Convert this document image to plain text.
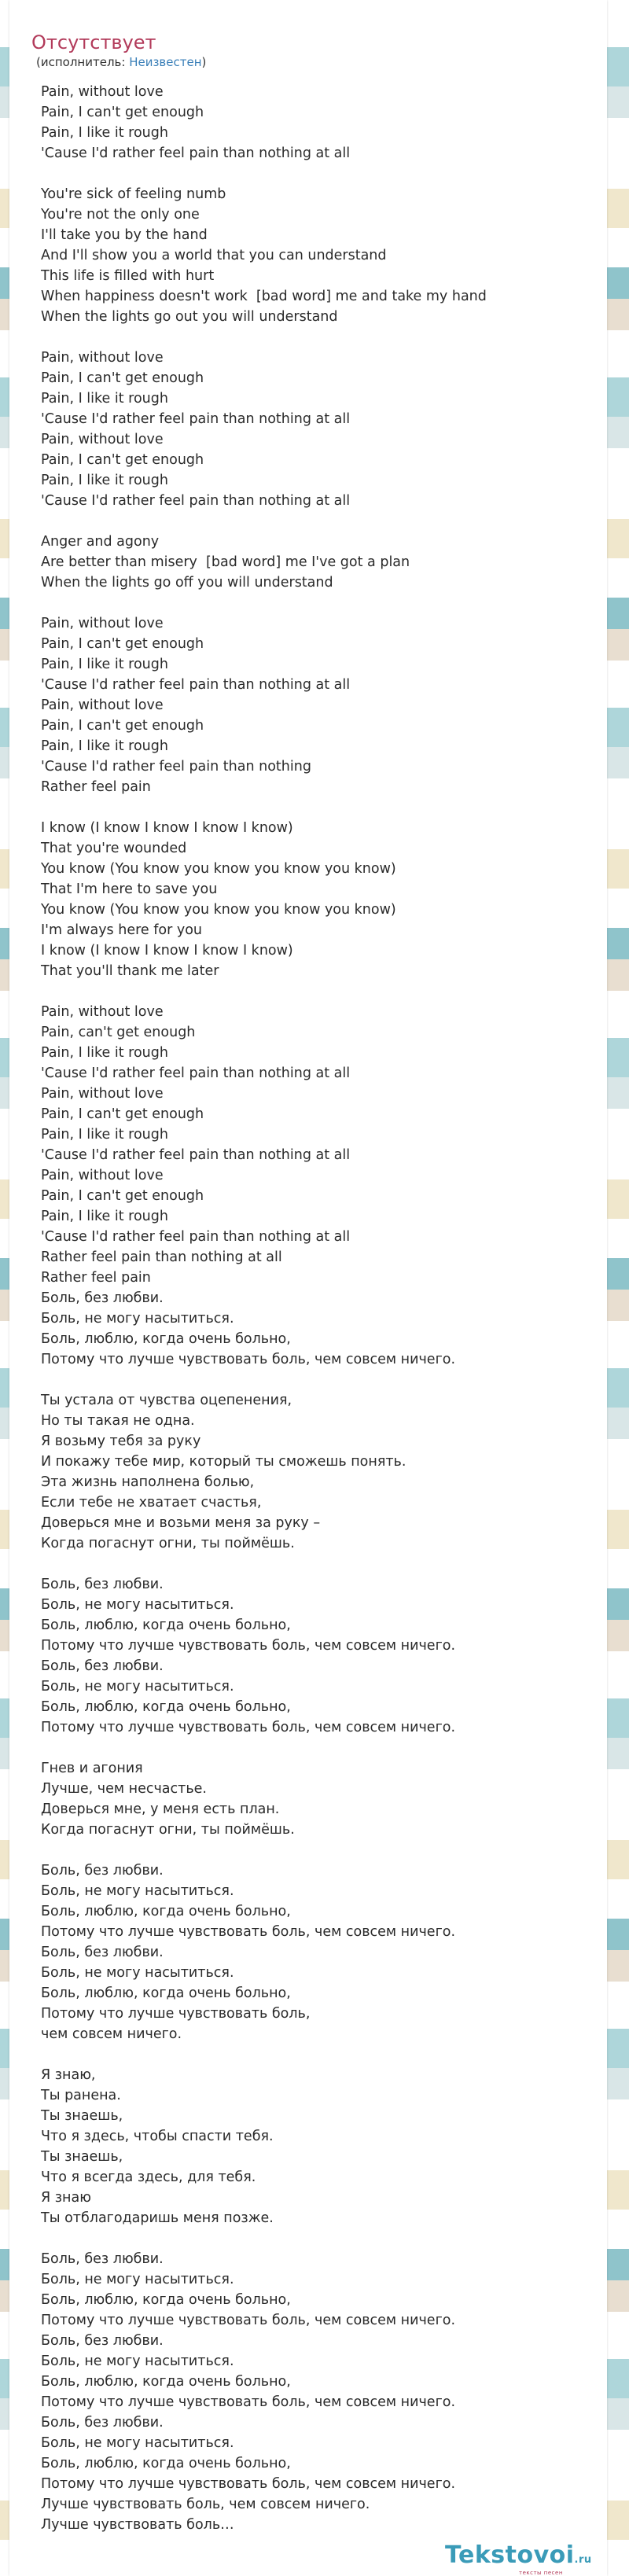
Отсутствует
(исполнитель: Неизвестен)
Pain, without love
Pain, I can't get enough
Pain, I like it rough
'Cause I'd rather feel pain than nothing at all
You're sick of feeling numb
You're not the only one
I'll take you by the hand
And I'll show you a world that you can understand
This life is filled with hurt
When happiness doesn't work  [bad word] me and take my hand
When the lights go out you will understand
Pain, without love
Pain, I can't get enough
Pain, I like it rough
'Cause I'd rather feel pain than nothing at all
Pain, without love
Pain, I can't get enough
Pain, I like it rough
'Cause I'd rather feel pain than nothing at all
Anger and agony
Are better than misery  [bad word] me I've got a plan
When the lights go off you will understand
Pain, without love
Pain, I can't get enough
Pain, I like it rough
'Cause I'd rather feel pain than nothing at all
Pain, without love
Pain, I can't get enough
Pain, I like it rough
'Cause I'd rather feel pain than nothing
Rather feel pain
I know (I know I know I know I know)
That you're wounded
You know (You know you know you know you know)
That I'm here to save you
You know (You know you know you know you know)
I'm always here for you
I know (I know I know I know I know)
That you'll thank me later
Pain, without love
Pain, can't get enough
Pain, I like it rough
'Cause I'd rather feel pain than nothing at all
Pain, without love
Pain, I can't get enough
Pain, I like it rough
'Cause I'd rather feel pain than nothing at all
Pain, without love
Pain, I can't get enough
Pain, I like it rough
'Cause I'd rather feel pain than nothing at all
Rather feel pain than nothing at all
Rather feel pain
Боль, без любви.
Боль, не могу насытиться.
Боль, люблю, когда очень больно,
Потому что лучше чувствовать боль, чем совсем ничего.
Ты устала от чувства оцепенения,
Но ты такая не одна.
Я возьму тебя за руку
И покажу тебе мир, который ты сможешь понять.
Эта жизнь наполнена болью,
Если тебе не хватает счастья,
Доверься мне и возьми меня за руку –
Когда погаснут огни, ты поймёшь.
Боль, без любви.
Боль, не могу насытиться.
Боль, люблю, когда очень больно,
Потому что лучше чувствовать боль, чем совсем ничего.
Боль, без любви.
Боль, не могу насытиться.
Боль, люблю, когда очень больно,
Потому что лучше чувствовать боль, чем совсем ничего.
Гнев и агония
Лучше, чем несчастье.
Доверься мне, у меня есть план.
Когда погаснут огни, ты поймёшь.
Боль, без любви.
Боль, не могу насытиться.
Боль, люблю, когда очень больно,
Потому что лучше чувствовать боль, чем совсем ничего.
Боль, без любви.
Боль, не могу насытиться.
Боль, люблю, когда очень больно,
Потому что лучше чувствовать боль,
чем совсем ничего.
Я знаю,
Ты ранена.
Ты знаешь,
Что я здесь, чтобы спасти тебя.
Ты знаешь,
Что я всегда здесь, для тебя.
Я знаю
Ты отблагодаришь меня позже.
Боль, без любви.
Боль, не могу насытиться.
Боль, люблю, когда очень больно,
Потому что лучше чувствовать боль, чем совсем ничего.
Боль, без любви.
Боль, не могу насытиться.
Боль, люблю, когда очень больно,
Потому что лучше чувствовать боль, чем совсем ничего.
Боль, без любви.
Боль, не могу насытиться.
Боль, люблю, когда очень больно,
Потому что лучше чувствовать боль, чем совсем ничего.
Лучше чувствовать боль, чем совсем ничего.
Лучше чувствовать боль…
Tekstovoi.ru
тексты песен
